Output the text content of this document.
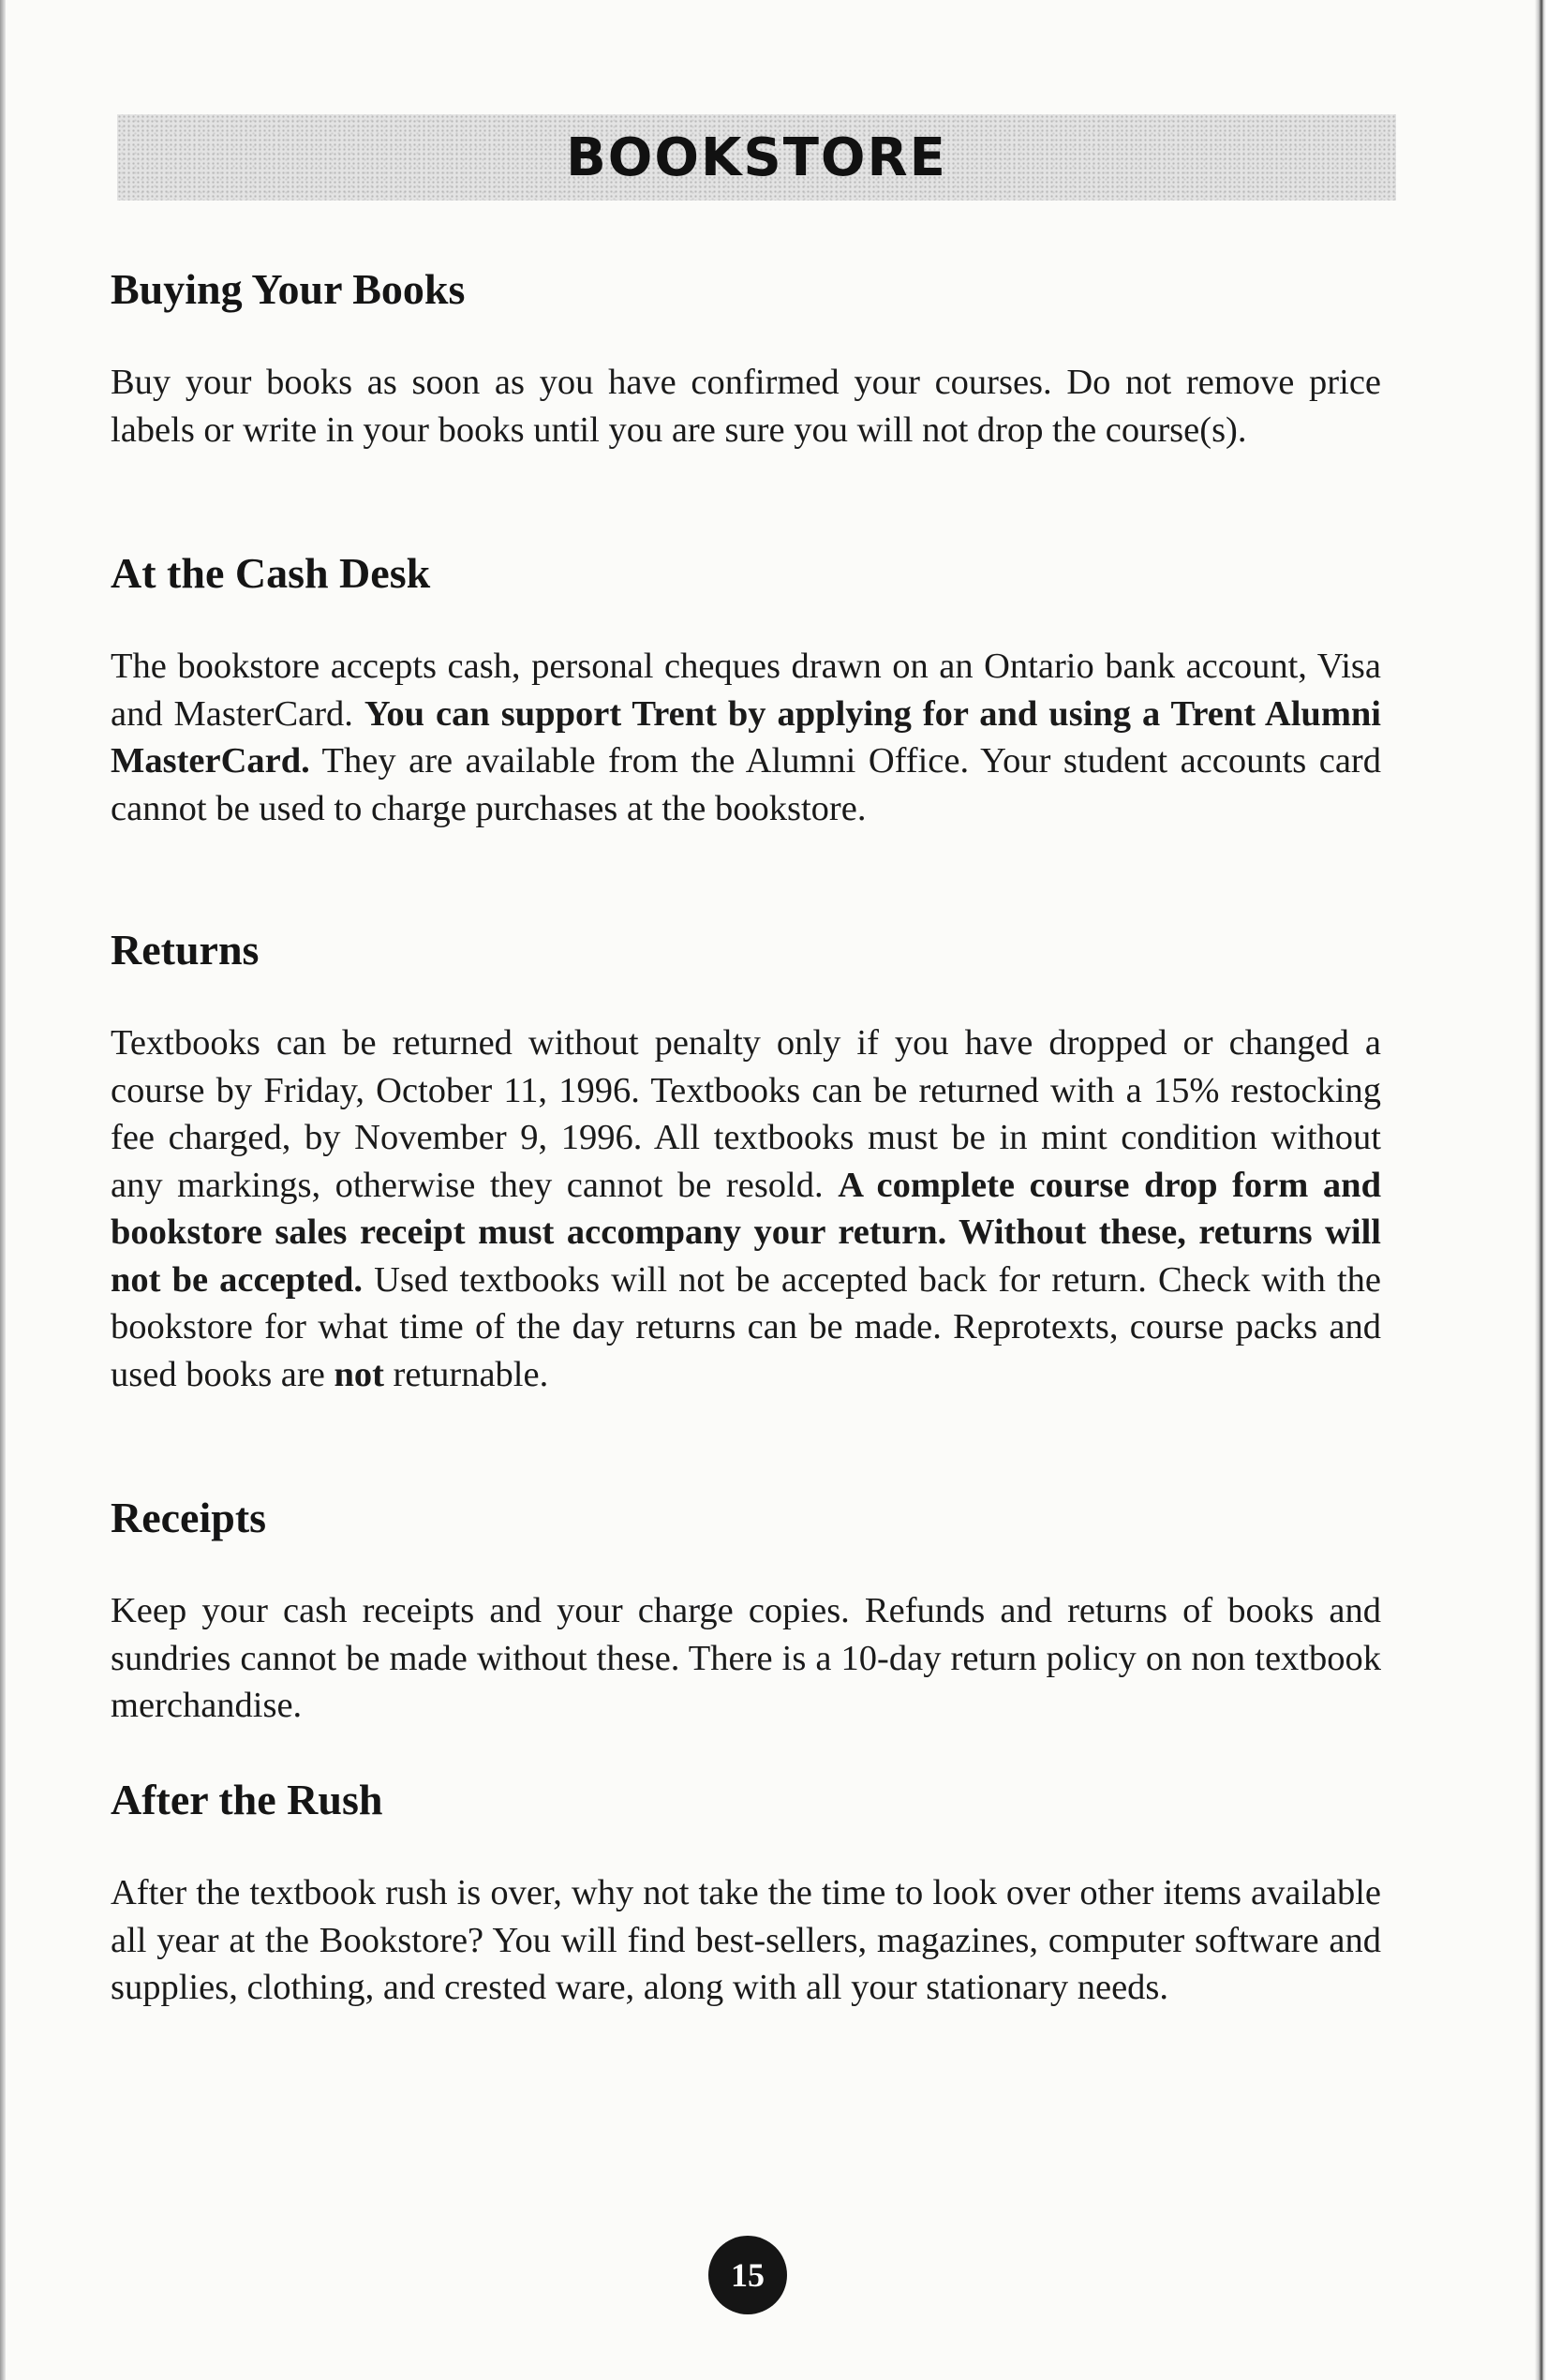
BOOKSTORE
Buying Your Books

Buy your books as soon as you have confirmed your courses. Do not remove price labels or write in your books until you are sure you will not drop the course(s).

At the Cash Desk

The bookstore accepts cash, personal cheques drawn on an Ontario bank account, Visa and MasterCard. You can support Trent by applying for and using a Trent Alumni MasterCard. They are available from the Alumni Office. Your student accounts card cannot be used to charge purchases at the bookstore.

Returns

Textbooks can be returned without penalty only if you have dropped or changed a course by Friday, October 11, 1996. Textbooks can be returned with a 15% restocking fee charged, by November 9, 1996. All textbooks must be in mint condition without any markings, otherwise they cannot be resold. A complete course drop form and bookstore sales receipt must accompany your return. Without these, returns will not be accepted. Used textbooks will not be accepted back for return. Check with the bookstore for what time of the day returns can be made. Reprotexts, course packs and used books are not returnable.

Receipts

Keep your cash receipts and your charge copies. Refunds and returns of books and sundries cannot be made without these. There is a 10-day return policy on non textbook merchandise.

After the Rush

After the textbook rush is over, why not take the time to look over other items available all year at the Bookstore? You will find best-sellers, magazines, computer software and supplies, clothing, and crested ware, along with all your stationary needs.

15
